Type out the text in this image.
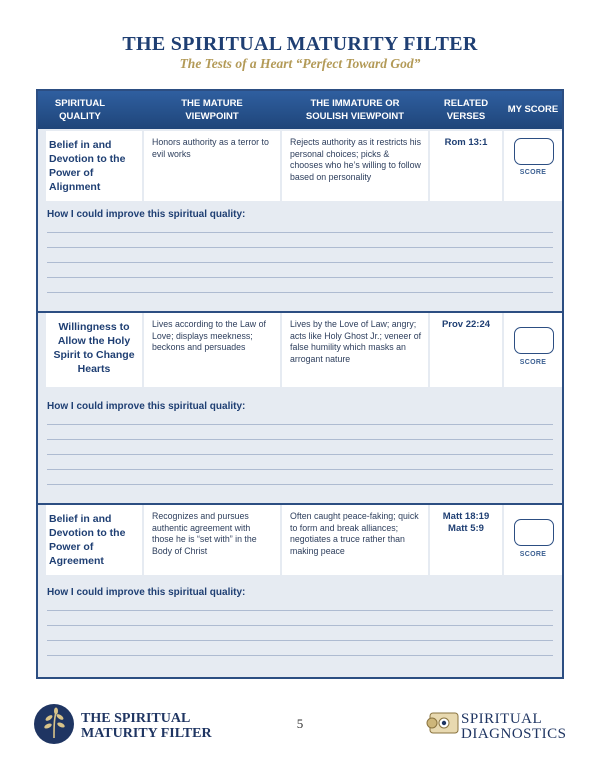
THE SPIRITUAL MATURITY FILTER
The Tests of a Heart “Perfect Toward God”
SPIRITUAL
QUALITY
THE MATURE
VIEWPOINT
THE IMMATURE OR
SOULISH VIEWPOINT
RELATED
VERSES
MY SCORE
Belief in and Devotion to the Power of Alignment
Honors authority as a terror to evil works
Rejects authority as it restricts his personal choices; picks & chooses who he’s willing to follow based on personality
Rom 13:1
SCORE
How I could improve this spiritual quality:
Willingness to Allow the Holy Spirit to Change Hearts
Lives according to the Law of Love; displays meekness; beckons and persuades
Lives by the Love of Law; angry; acts like Holy Ghost Jr.; veneer of false humility which masks an arrogant nature
Prov 22:24
SCORE
How I could improve this spiritual quality:
Belief in and Devotion to the Power of Agreement
Recognizes and pursues authentic agreement with those he is “set with” in the Body of Christ
Often caught peace-faking; quick to form and break alliances; negotiates a truce rather than making peace
Matt 18:19
Matt 5:9
SCORE
How I could improve this spiritual quality:
THE SPIRITUAL
MATURITY FILTER
5	SPIRITUAL
DIAGNOSTICS
